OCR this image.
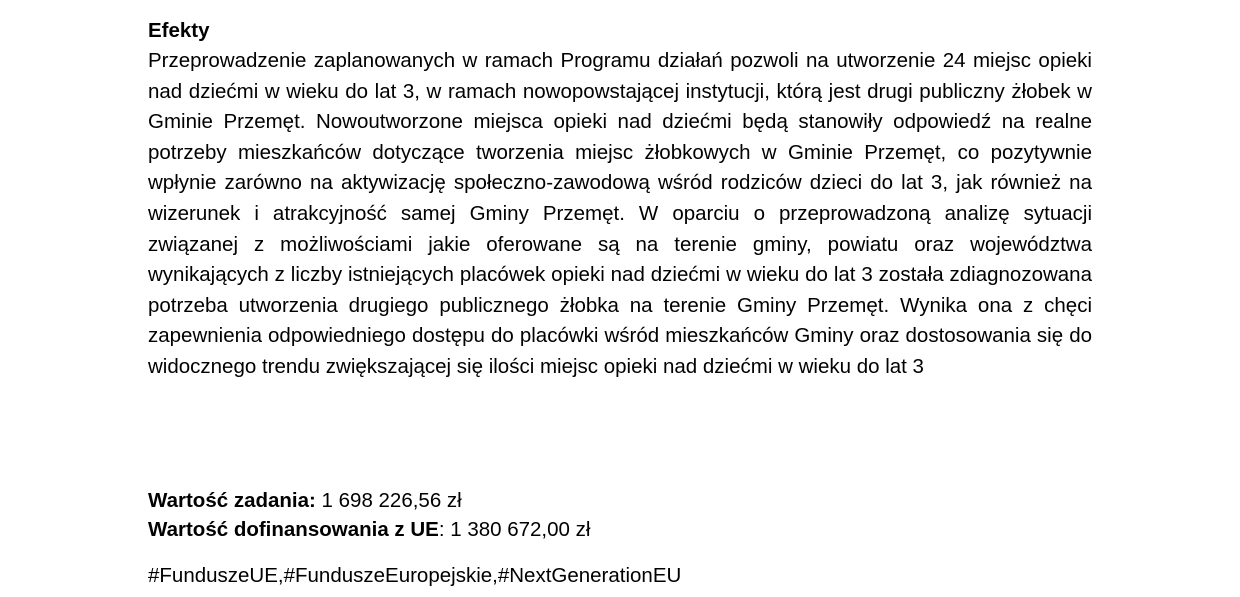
Efekty

Przeprowadzenie zaplanowanych w ramach Programu działań pozwoli na utworzenie 24 miejsc opieki nad dziećmi w wieku do lat 3, w ramach nowopowstającej instytucji, którą jest drugi publiczny żłobek w Gminie Przemęt. Nowoutworzone miejsca opieki nad dziećmi będą stanowiły odpowiedź na realne potrzeby mieszkańców dotyczące tworzenia miejsc żłobkowych w Gminie Przemęt, co pozytywnie wpłynie zarówno na aktywizację społeczno-zawodową wśród rodziców dzieci do lat 3, jak również na wizerunek i atrakcyjność samej Gminy Przemęt. W oparciu o przeprowadzoną analizę sytuacji związanej z możliwościami jakie oferowane są na terenie gminy, powiatu oraz województwa wynikających z liczby istniejących placówek opieki nad dziećmi w wieku do lat 3 została zdiagnozowana potrzeba utworzenia drugiego publicznego żłobka na terenie Gminy Przemęt. Wynika ona z chęci zapewnienia odpowiedniego dostępu do placówki wśród mieszkańców Gminy oraz dostosowania się do widocznego trendu zwiększającej się ilości miejsc opieki nad dziećmi w wieku do lat 3

Wartość zadania: 1 698 226,56 zł
Wartość dofinansowania z UE: 1 380 672,00 zł
#FunduszeUE,#FunduszeEuropejskie,#NextGenerationEU
